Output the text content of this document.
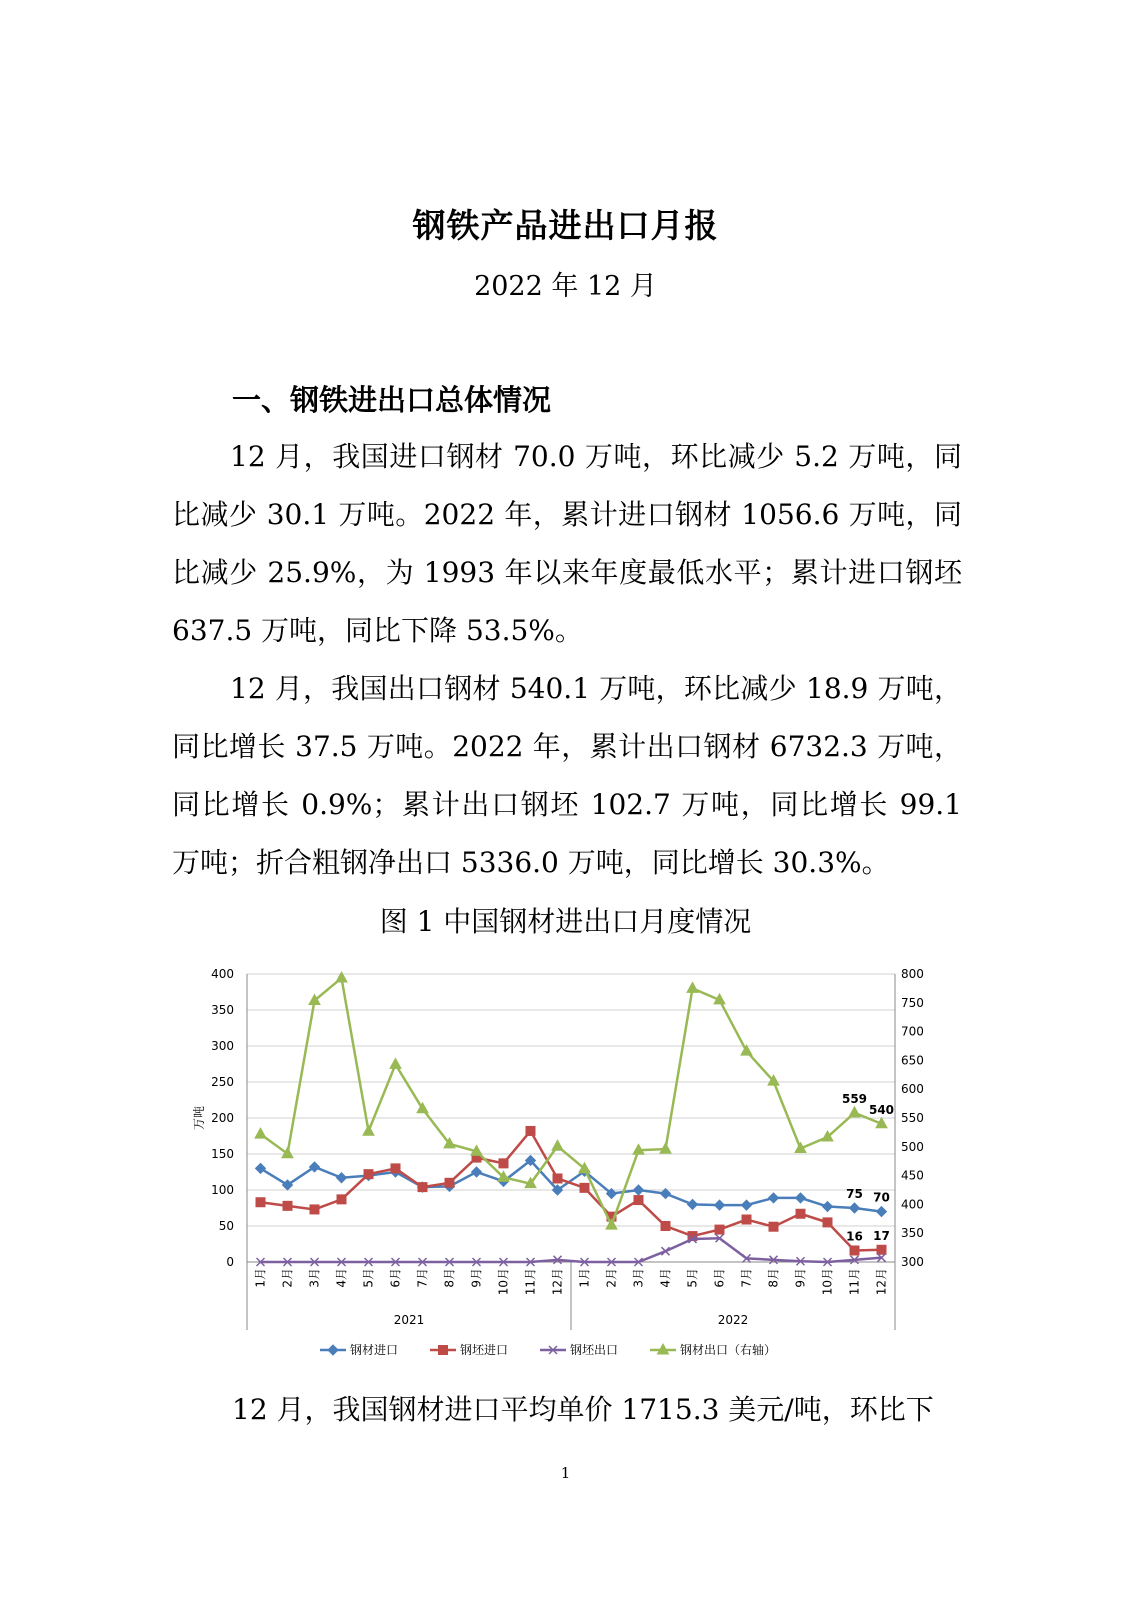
钢铁产品进出口月报
2022 年 12 月
一、钢铁进出口总体情况

12 月，我国进口钢材 70.0 万吨，环比减少 5.2 万吨，同比减少 30.1 万吨。2022 年，累计进口钢材 1056.6 万吨，同比减少 25.9%，为 1993 年以来年度最低水平；累计进口钢坯 637.5 万吨，同比下降 53.5%。

12 月，我国出口钢材 540.1 万吨，环比减少 18.9 万吨，同比增长 37.5 万吨。2022 年，累计出口钢材 6732.3 万吨，同比增长 0.9%；累计出口钢坯 102.7 万吨，同比增长 99.1 万吨；折合粗钢净出口 5336.0 万吨，同比增长 30.3%。

图 1 中国钢材进出口月度情况
0
50
100
150
200
250
300
350
400
300
350
400
450
500
550
600
650
700
750
800
万吨
1月 2月 3月 4月 5月 6月 7月 8月 9月 10月 11月 12月 1月 2月 3月 4月 5月 6月 7月 8月 9月 10月 11月 12月
2021	2022
75 70
16 17
559
540
钢材进口	钢坯进口	钢坯出口	钢材出口（右轴）
12 月，我国钢材进口平均单价 1715.3 美元/吨，环比下
1
